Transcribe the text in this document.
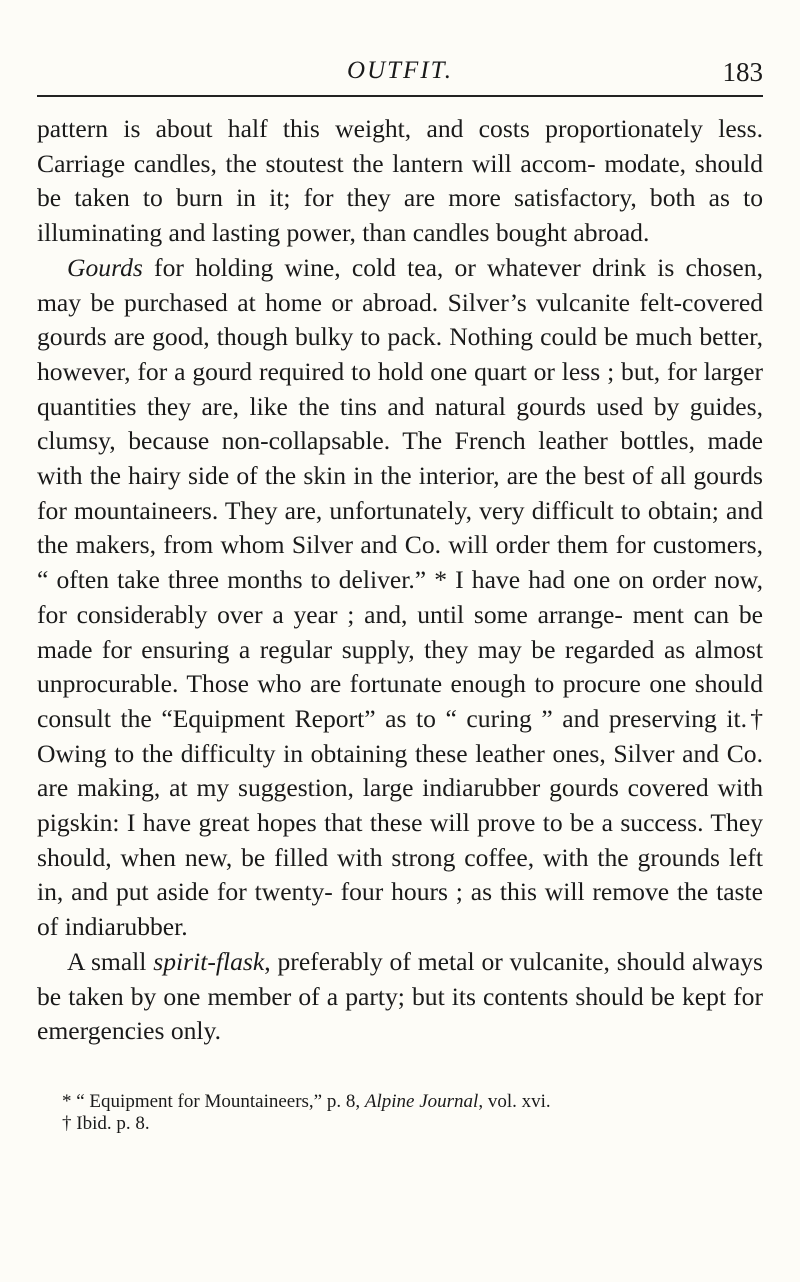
OUTFIT.	183

pattern is about half this weight, and costs proportionately less. Carriage candles, the stoutest the lantern will accom- modate, should be taken to burn in it; for they are more satisfactory, both as to illuminating and lasting power, than candles bought abroad.

Gourds for holding wine, cold tea, or whatever drink is chosen, may be purchased at home or abroad. Silver’s vulcanite felt-covered gourds are good, though bulky to pack. Nothing could be much better, however, for a gourd required to hold one quart or less ; but, for larger quantities they are, like the tins and natural gourds used by guides, clumsy, because non-collapsable. The French leather bottles, made with the hairy side of the skin in the interior, are the best of all gourds for mountaineers. They are, unfortunately, very difficult to obtain; and the makers, from whom Silver and Co. will order them for customers, “ often take three months to deliver.” * I have had one on order now, for considerably over a year ; and, until some arrange- ment can be made for ensuring a regular supply, they may be regarded as almost unprocurable. Those who are fortunate enough to procure one should consult the “Equipment Report” as to “ curing ” and preserving it.† Owing to the difficulty in obtaining these leather ones, Silver and Co. are making, at my suggestion, large indiarubber gourds covered with pigskin: I have great hopes that these will prove to be a success. They should, when new, be filled with strong coffee, with the grounds left in, and put aside for twenty- four hours ; as this will remove the taste of indiarubber.

A small spirit-flask, preferably of metal or vulcanite, should always be taken by one member of a party; but its contents should be kept for emergencies only.

* “ Equipment for Mountaineers,” p. 8, Alpine Journal, vol. xvi.
† Ibid. p. 8.
